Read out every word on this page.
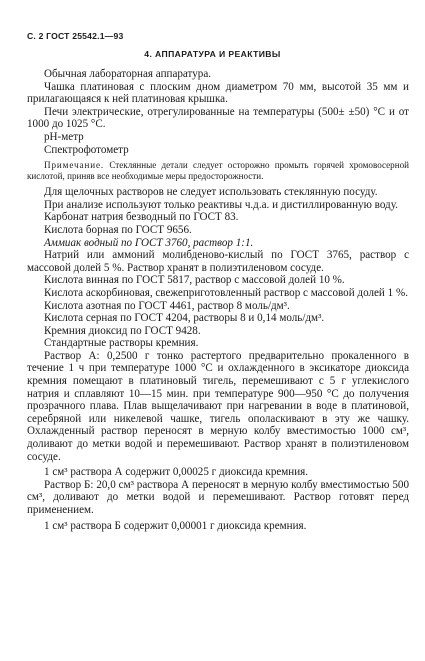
С. 2 ГОСТ 25542.1—93
4. АППАРАТУРА И РЕАКТИВЫ
Обычная лабораторная аппаратура.
Чашка платиновая с плоским дном диаметром 70 мм, высотой 35 мм и прилагающаяся к ней платиновая крышка.
Печи электрические, отрегулированные на температуры (500± ±50) °С и от 1000 до 1025 °С.
рН-метр
Спектрофотометр
Примечание. Стеклянные детали следует осторожно промыть горячей хромовосерной кислотой, приняв все необходимые меры предосторожности.
Для щелочных растворов не следует использовать стеклянную посуду.
При анализе используют только реактивы ч.д.а. и дистиллированную воду.
Карбонат натрия безводный по ГОСТ 83.
Кислота борная по ГОСТ 9656.
Аммиак водный по ГОСТ 3760, раствор 1:1.
Натрий или аммоний молибденово-кислый по ГОСТ 3765, раствор с массовой долей 5 %. Раствор хранят в полиэтиленовом сосуде.
Кислота винная по ГОСТ 5817, раствор с массовой долей 10 %.
Кислота аскорбиновая, свежеприготовленный раствор с массовой долей 1 %.
Кислота азотная по ГОСТ 4461, раствор 8 моль/дм³.
Кислота серная по ГОСТ 4204, растворы 8 и 0,14 моль/дм³.
Кремния диоксид по ГОСТ 9428.
Стандартные растворы кремния.
Раствор А: 0,2500 г тонко растертого предварительно прокаленного в течение 1 ч при температуре 1000 °С и охлажденного в эксикаторе диоксида кремния помещают в платиновый тигель, перемешивают с 5 г углекислого натрия и сплавляют 10—15 мин. при температуре 900—950 °С до получения прозрачного плава. Плав выщелачивают при нагревании в воде в платиновой, серебряной или никелевой чашке, тигель ополаскивают в эту же чашку. Охлажденный раствор переносят в мерную колбу вместимостью 1000 см³, доливают до метки водой и перемешивают. Раствор хранят в полиэтиленовом сосуде.
1 см³ раствора А содержит 0,00025 г диоксида кремния.
Раствор Б: 20,0 см³ раствора А переносят в мерную колбу вместимостью 500 см³, доливают до метки водой и перемешивают. Раствор готовят перед применением.
1 см³ раствора Б содержит 0,00001 г диоксида кремния.
